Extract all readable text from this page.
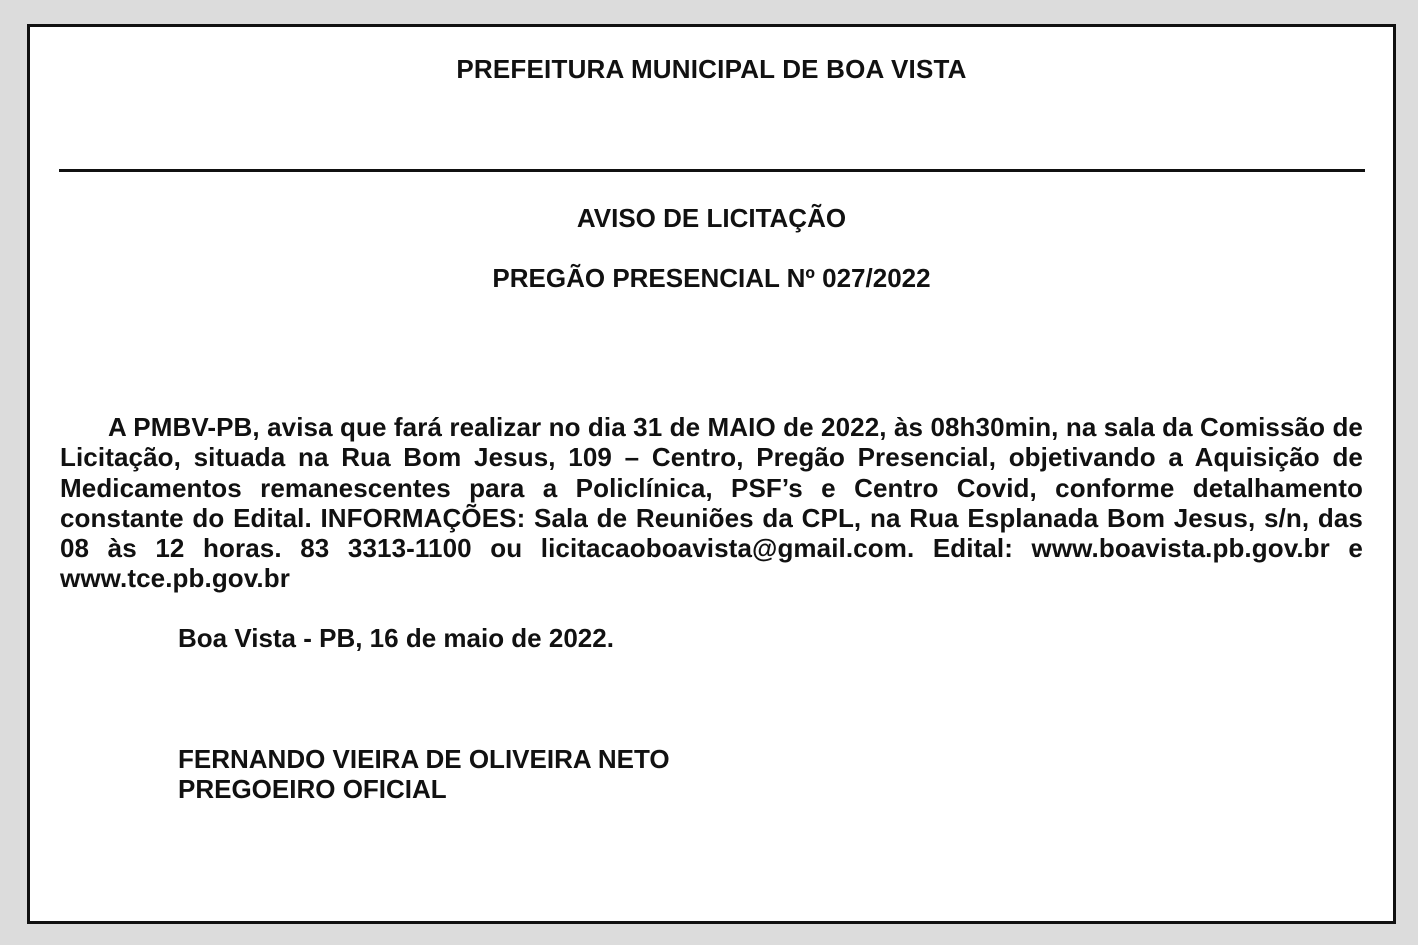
PREFEITURA MUNICIPAL DE BOA VISTA
AVISO DE LICITAÇÃO
PREGÃO PRESENCIAL Nº 027/2022
A PMBV-PB, avisa que fará realizar no dia 31 de MAIO de 2022, às 08h30min, na sala da Comissão de Licitação, situada na Rua Bom Jesus, 109 – Centro, Pregão Presencial, objetivando a Aquisição de Medicamentos remanescentes para a Policlínica, PSF’s e Centro Covid, conforme detalhamento constante do Edital. INFORMAÇÕES: Sala de Reuniões da CPL, na Rua Esplanada Bom Jesus, s/n, das 08 às 12 horas. 83 3313-1100 ou licitacaoboavista@gmail.com. Edital: www.boavista.pb.gov.br e www.tce.pb.gov.br
Boa Vista - PB, 16 de maio de 2022.
FERNANDO VIEIRA DE OLIVEIRA NETO
PREGOEIRO OFICIAL
